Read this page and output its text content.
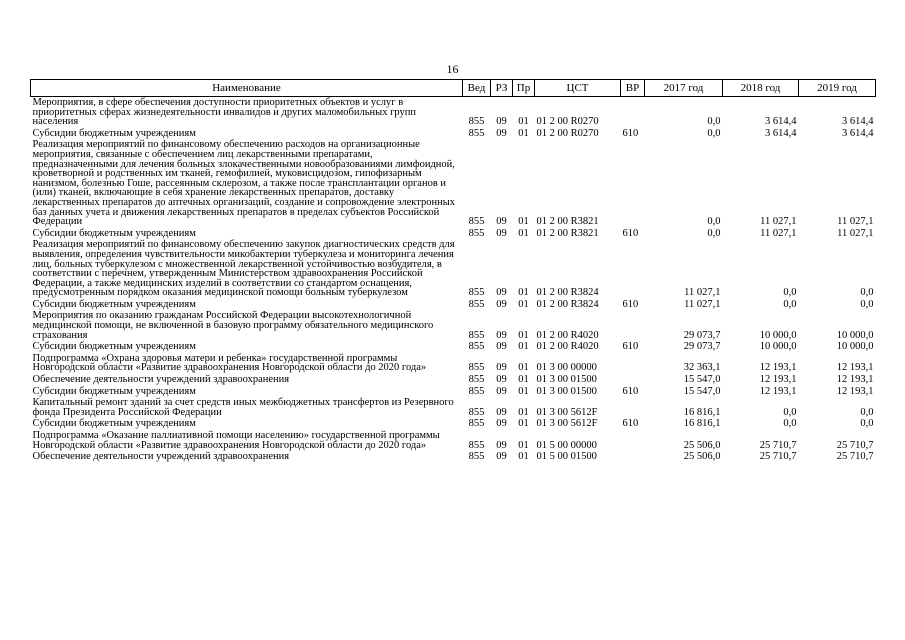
16
Наименование	Вед	РЗ	Пр	ЦСТ	ВР	2017 год	2018 год	2019 год
Мероприятия, в сфере обеспечения доступности приоритетных объектов и услуг в приоритетных сферах жизнедеятельности инвалидов и других маломобильных групп населения	855	09	01	01 2 00 R0270		0,0	3 614,4	3 614,4
Субсидии бюджетным учреждениям	855	09	01	01 2 00 R0270	610	0,0	3 614,4	3 614,4
Реализация мероприятий по финансовому обеспечению расходов на организационные мероприятия, связанные с обеспечением лиц лекарственными препаратами, предназначенными для лечения больных злокачественными новообразованиями лимфоидной, кроветворной и родственных им тканей, гемофилией, муковисцидозом, гипофизарным нанизмом, болезнью Гоше, рассеянным склерозом, а также после трансплантации органов и (или) тканей, включающие в себя хранение лекарственных препаратов, доставку лекарственных препаратов до аптечных организаций, создание и сопровождение электронных баз данных учета и движения лекарственных препаратов в пределах субъектов Российской Федерации	855	09	01	01 2 00 R3821		0,0	11 027,1	11 027,1
Субсидии бюджетным учреждениям	855	09	01	01 2 00 R3821	610	0,0	11 027,1	11 027,1
Реализация мероприятий по финансовому обеспечению закупок диагностических средств для выявления, определения чувствительности микобактерии туберкулеза и мониторинга лечения лиц, больных туберкулезом с множественной лекарственной устойчивостью возбудителя, в соответствии с перечнем, утвержденным Министерством здравоохранения Российской Федерации, а также медицинских изделий в соответствии со стандартом оснащения, предусмотренным порядком оказания медицинской помощи больным туберкулезом	855	09	01	01 2 00 R3824		11 027,1	0,0	0,0
Субсидии бюджетным учреждениям	855	09	01	01 2 00 R3824	610	11 027,1	0,0	0,0
Мероприятия по оказанию гражданам Российской Федерации высокотехнологичной медицинской помощи, не включенной в базовую программу обязательного медицинского страхования	855	09	01	01 2 00 R4020		29 073,7	10 000,0	10 000,0
Субсидии бюджетным учреждениям	855	09	01	01 2 00 R4020	610	29 073,7	10 000,0	10 000,0
Подпрограмма «Охрана здоровья матери и ребенка» государственной программы Новгородской области «Развитие здравоохранения Новгородской области до 2020 года»	855	09	01	01 3 00 00000		32 363,1	12 193,1	12 193,1
Обеспечение деятельности учреждений здравоохранения	855	09	01	01 3 00 01500		15 547,0	12 193,1	12 193,1
Субсидии бюджетным учреждениям	855	09	01	01 3 00 01500	610	15 547,0	12 193,1	12 193,1
Капитальный ремонт зданий за счет средств иных межбюджетных трансфертов из Резервного фонда Президента Российской Федерации	855	09	01	01 3 00 5612F		16 816,1	0,0	0,0
Субсидии бюджетным учреждениям	855	09	01	01 3 00 5612F	610	16 816,1	0,0	0,0
Подпрограмма «Оказание паллиативной помощи населению» государственной программы Новгородской области «Развитие здравоохранения Новгородской области до 2020 года»	855	09	01	01 5 00 00000		25 506,0	25 710,7	25 710,7
Обеспечение деятельности учреждений здравоохранения	855	09	01	01 5 00 01500		25 506,0	25 710,7	25 710,7
